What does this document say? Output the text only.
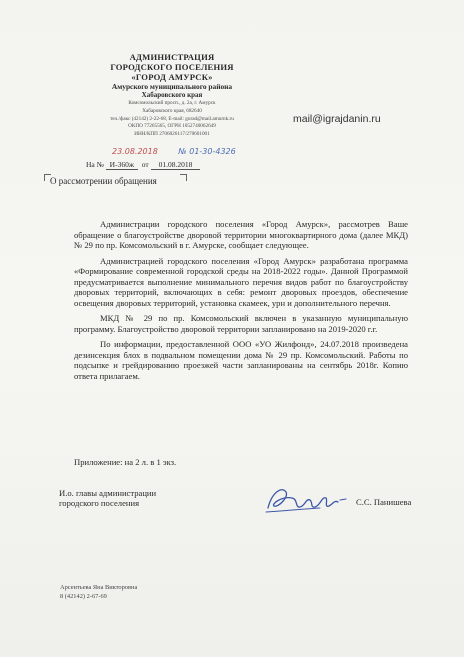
АДМИНИСТРАЦИЯ
ГОРОДСКОГО ПОСЕЛЕНИЯ
«ГОРОД АМУРСК»
Амурского муниципального района
Хабаровского края
Комсомольский просп., д. 2а, г. Амурск
Хабаровского края, 682640
тел./факс (42142) 2-22-68, E-mail: gorad@mail.amurnk.ru
ОКПО 77265565, ОГРН 1052740062649
ИНН/КПП 2706026117/270601001
23.08.2018	№ 01-30-4326
На № И-360ж от 01.08.2018
О рассмотрении обращения
mail@igrajdanin.ru

Администрации городского поселения «Город Амурск», рассмотрев Ваше обращение о благоустройстве дворовой территории многоквартирного дома (далее МКД) № 29 по пр. Комсомольский в г. Амурске, сообщает следующее.

Администрацией городского поселения «Город Амурск» разработана программа «Формирование современной городской среды на 2018-2022 годы». Данной Программой предусматривается выполнение минимального перечня видов работ по благоустройству дворовых территорий, включающих в себя: ремонт дворовых проездов, обеспечение освещения дворовых территорий, установка скамеек, урн и дополнительного перечня.

МКД № 29 по пр. Комсомольский включен в указанную муниципальную программу. Благоустройство дворовой территории запланировано на 2019-2020 г.г.

По информации, предоставленной ООО «УО Жилфонд», 24.07.2018 произведена дезинсекция блох в подвальном помещении дома № 29 пр. Комсомольский. Работы по подсыпке и грейдированию проезжей части запланированы на сентябрь 2018г. Копию ответа прилагаем.

Приложение: на 2 л. в 1 экз.
И.о. главы администрации
городского поселения	С.С. Панишева
Арсентьева Яна Викторовна
8 (42142) 2-67-69
